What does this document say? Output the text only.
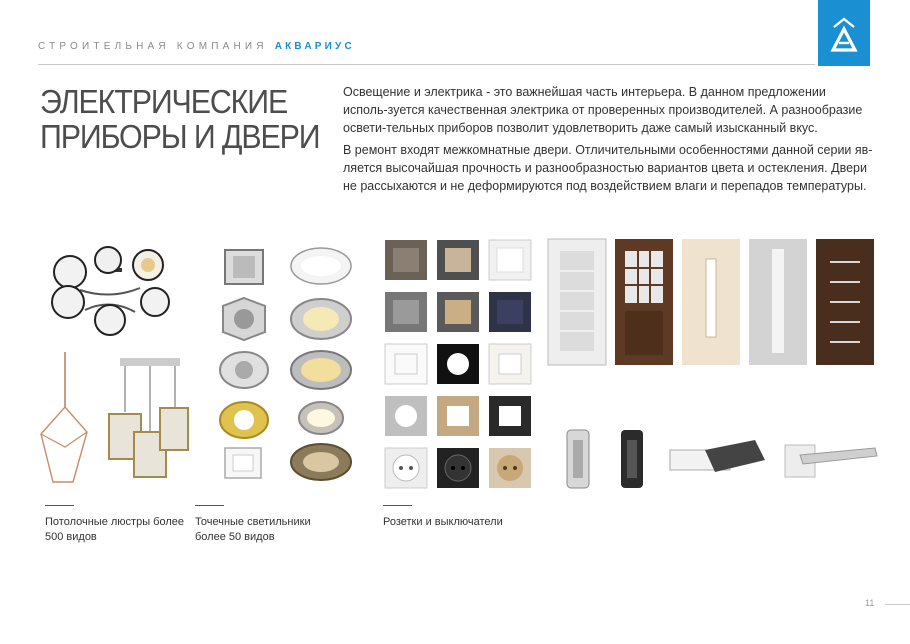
СТРОИТЕЛЬНАЯ КОМПАНИЯ АКВАРИУС
ЭЛЕКТРИЧЕСКИЕ
ПРИБОРЫ И ДВЕРИ

Освещение и электрика - это важнейшая часть интерьера. В данном предложении исполь-зуется качественная электрика от проверенных производителей. А разнообразие освети-тельных приборов позволит удовлетворить даже самый изысканный вкус.

В ремонт входят межкомнатные двери. Отличительными особенностями данной серии яв-ляется высочайшая прочность и разнообразностью вариантов цвета и остекления. Двери не рассыхаются и не деформируются под воздействием влаги и перепадов температуры.

Потолочные люстры более 500 видов
Точечные светильники более 50 видов
Розетки и выключатели
11
